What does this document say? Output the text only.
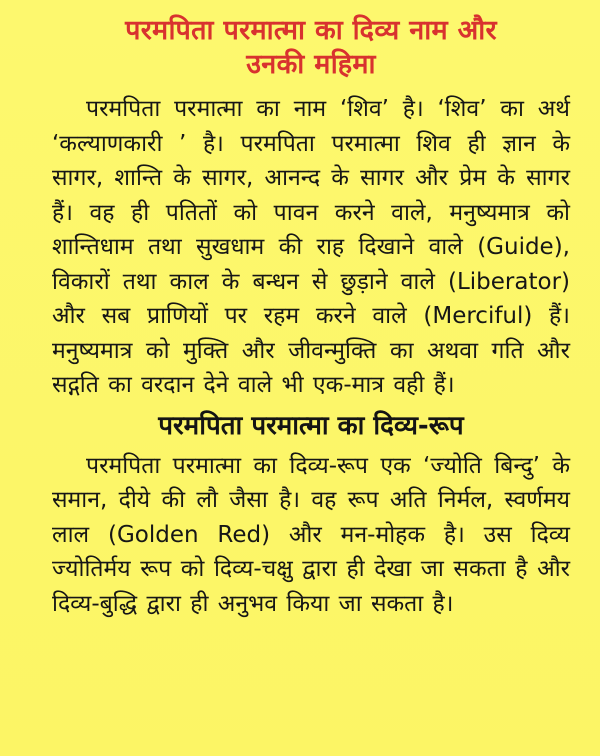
परमपिता परमात्मा का दिव्य नाम और
उनकी महिमा

परमपिता परमात्मा का नाम ‘शिव’ है। ‘शिव’ का अर्थ ‘कल्याणकारी ’ है। परमपिता परमात्मा शिव ही ज्ञान के सागर, शान्ति के सागर, आनन्द के सागर और प्रेम के सागर हैं। वह ही पतितों को पावन करने वाले, मनुष्यमात्र को शान्तिधाम तथा सुखधाम की राह दिखाने वाले (Guide), विकारों तथा काल के बन्धन से छुड़ाने वाले (Liberator) और सब प्राणियों पर रहम करने वाले (Merciful) हैं। मनुष्यमात्र को मुक्ति और जीवन्मुक्ति का अथवा गति और सद्गति का वरदान देने वाले भी एक-मात्र वही हैं।

परमपिता परमात्मा का दिव्य-रूप

परमपिता परमात्मा का दिव्य-रूप एक ‘ज्योति बिन्दु’ के समान, दीये की लौ जैसा है। वह रूप अति निर्मल, स्वर्णमय लाल (Golden Red) और मन-मोहक है। उस दिव्य ज्योतिर्मय रूप को दिव्य-चक्षु द्वारा ही देखा जा सकता है और दिव्य-बुद्धि द्वारा ही अनुभव किया जा सकता है।
